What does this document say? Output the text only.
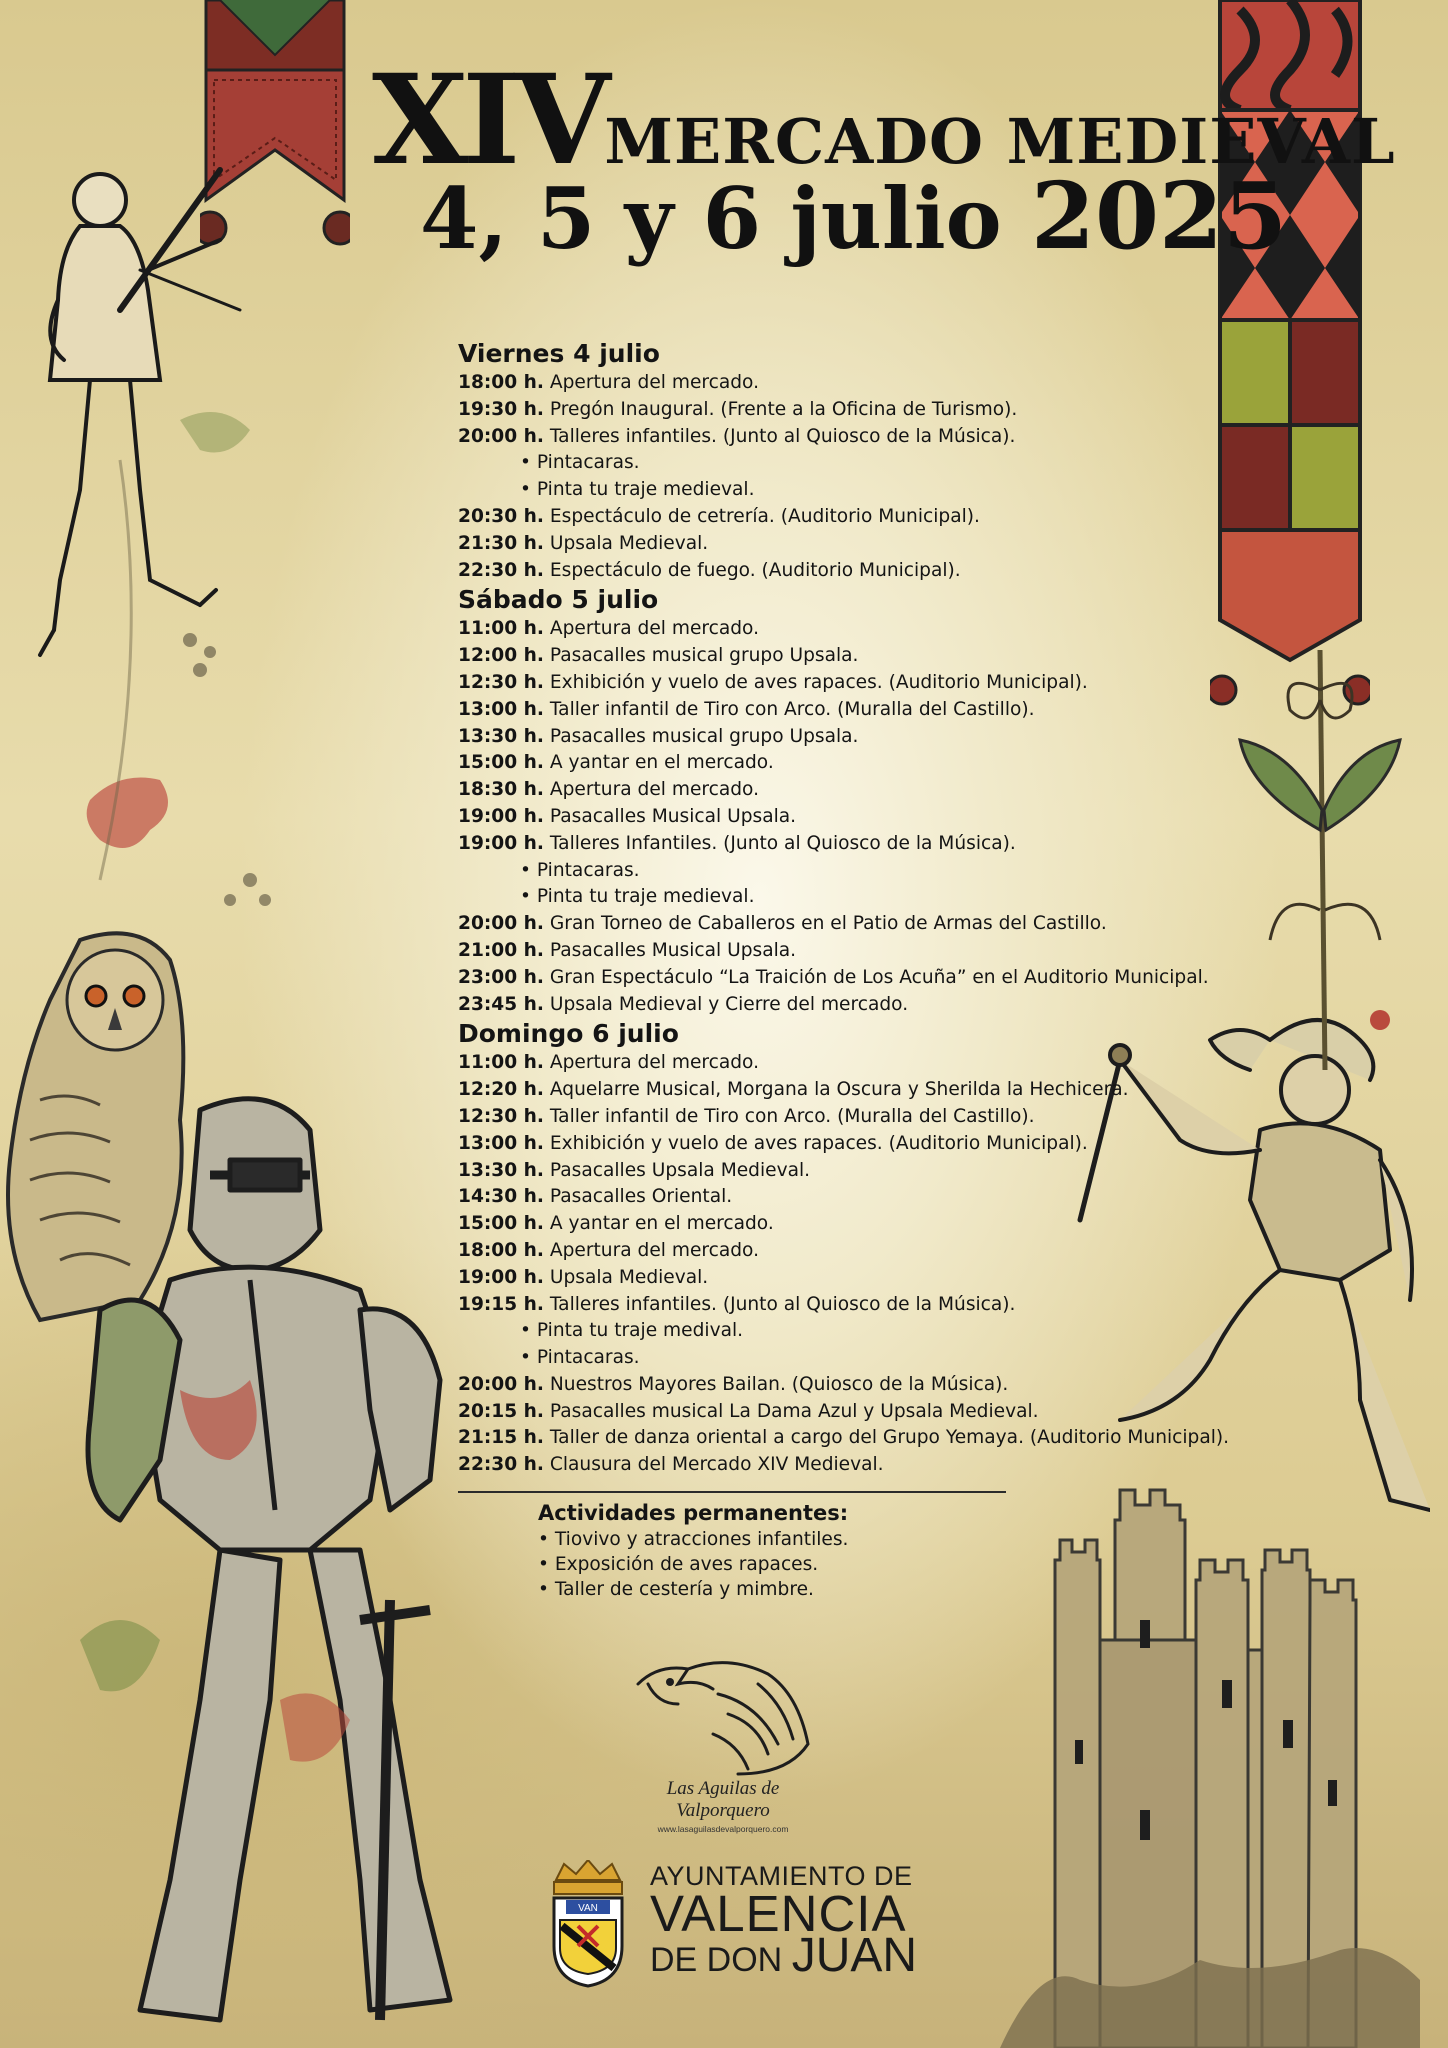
XIVMERCADO MEDIEVAL
4, 5 y 6 julio 2025
Viernes 4 julio
18:00 h. Apertura del mercado.
19:30 h. Pregón Inaugural. (Frente a la Oficina de Turismo).
20:00 h. Talleres infantiles. (Junto al Quiosco de la Música).
• Pintacaras.
• Pinta tu traje medieval.
20:30 h. Espectáculo de cetrería. (Auditorio Municipal).
21:30 h. Upsala Medieval.
22:30 h. Espectáculo de fuego. (Auditorio Municipal).
Sábado 5 julio
11:00 h. Apertura del mercado.
12:00 h. Pasacalles musical grupo Upsala.
12:30 h. Exhibición y vuelo de aves rapaces. (Auditorio Municipal).
13:00 h. Taller infantil de Tiro con Arco. (Muralla del Castillo).
13:30 h. Pasacalles musical grupo Upsala.
15:00 h. A yantar en el mercado.
18:30 h. Apertura del mercado.
19:00 h. Pasacalles Musical Upsala.
19:00 h. Talleres Infantiles. (Junto al Quiosco de la Música).
• Pintacaras.
• Pinta tu traje medieval.
20:00 h. Gran Torneo de Caballeros en el Patio de Armas del Castillo.
21:00 h. Pasacalles Musical Upsala.
23:00 h. Gran Espectáculo “La Traición de Los Acuña” en el Auditorio Municipal.
23:45 h. Upsala Medieval y Cierre del mercado.
Domingo 6 julio
11:00 h. Apertura del mercado.
12:20 h. Aquelarre Musical, Morgana la Oscura y Sherilda la Hechicera.
12:30 h. Taller infantil de Tiro con Arco. (Muralla del Castillo).
13:00 h. Exhibición y vuelo de aves rapaces. (Auditorio Municipal).
13:30 h. Pasacalles Upsala Medieval.
14:30 h. Pasacalles Oriental.
15:00 h. A yantar en el mercado.
18:00 h. Apertura del mercado.
19:00 h. Upsala Medieval.
19:15 h. Talleres infantiles. (Junto al Quiosco de la Música).
• Pinta tu traje medival.
• Pintacaras.
20:00 h. Nuestros Mayores Bailan. (Quiosco de la Música).
20:15 h. Pasacalles musical La Dama Azul y Upsala Medieval.
21:15 h. Taller de danza oriental a cargo del Grupo Yemaya. (Auditorio Municipal).
22:30 h. Clausura del Mercado XIV Medieval.
Actividades permanentes:
• Tiovivo y atracciones infantiles.
• Exposición de aves rapaces.
• Taller de cestería y mimbre.
Las Aguilas de Valporquero
www.lasaguilasdevalporquero.com
VAN
AYUNTAMIENTO DE
VALENCIA
DE DON JUAN
